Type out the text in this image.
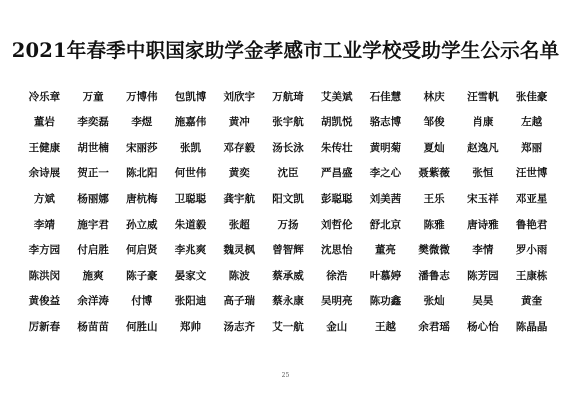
2021年春季中职国家助学金孝感市工业学校受助学生公示名单
冷乐章	万童	万博伟	包凯博	刘欣宇	万航琦	艾美斌	石佳慧	林庆	汪雪帆	张佳豪
董岩	李奕磊	李煜	施嘉伟	黄冲	张宇航	胡凯悦	骆志博	邹俊	肖康	左越
王健康	胡世楠	宋丽莎	张凯	邓存毅	汤长泳	朱传壮	黄明菊	夏灿	赵逸凡	郑丽
余诗展	贺正一	陈北阳	何世伟	黄奕	沈臣	严昌盛	李之心	聂紫薇	张恒	汪世博
方斌	杨丽娜	唐杭梅	卫聪聪	龚宇航	阳文凯	彭聪聪	刘美茜	王乐	宋玉祥	邓亚星
李靖	施宇君	孙立威	朱道毅	张超	万扬	刘哲伦	舒北京	陈雅	唐诗雅	鲁艳君
李方园	付启胜	何启贤	李兆爽	魏灵枫	曾智辉	沈思怡	董亮	樊微微	李情	罗小雨
陈洪闵	施爽	陈子豪	晏家文	陈波	蔡承威	徐浩	叶慕婷	潘鲁志	陈芳园	王康栋
黄俊益	余洋涛	付博	张阳迪	高子瑞	蔡永康	吴明亮	陈功鑫	张灿	吴昊	黄奎
厉新春	杨苗苗	何胜山	郑帅	汤志齐	艾一航	金山	王越	余君瑶	杨心怡	陈晶晶
25
